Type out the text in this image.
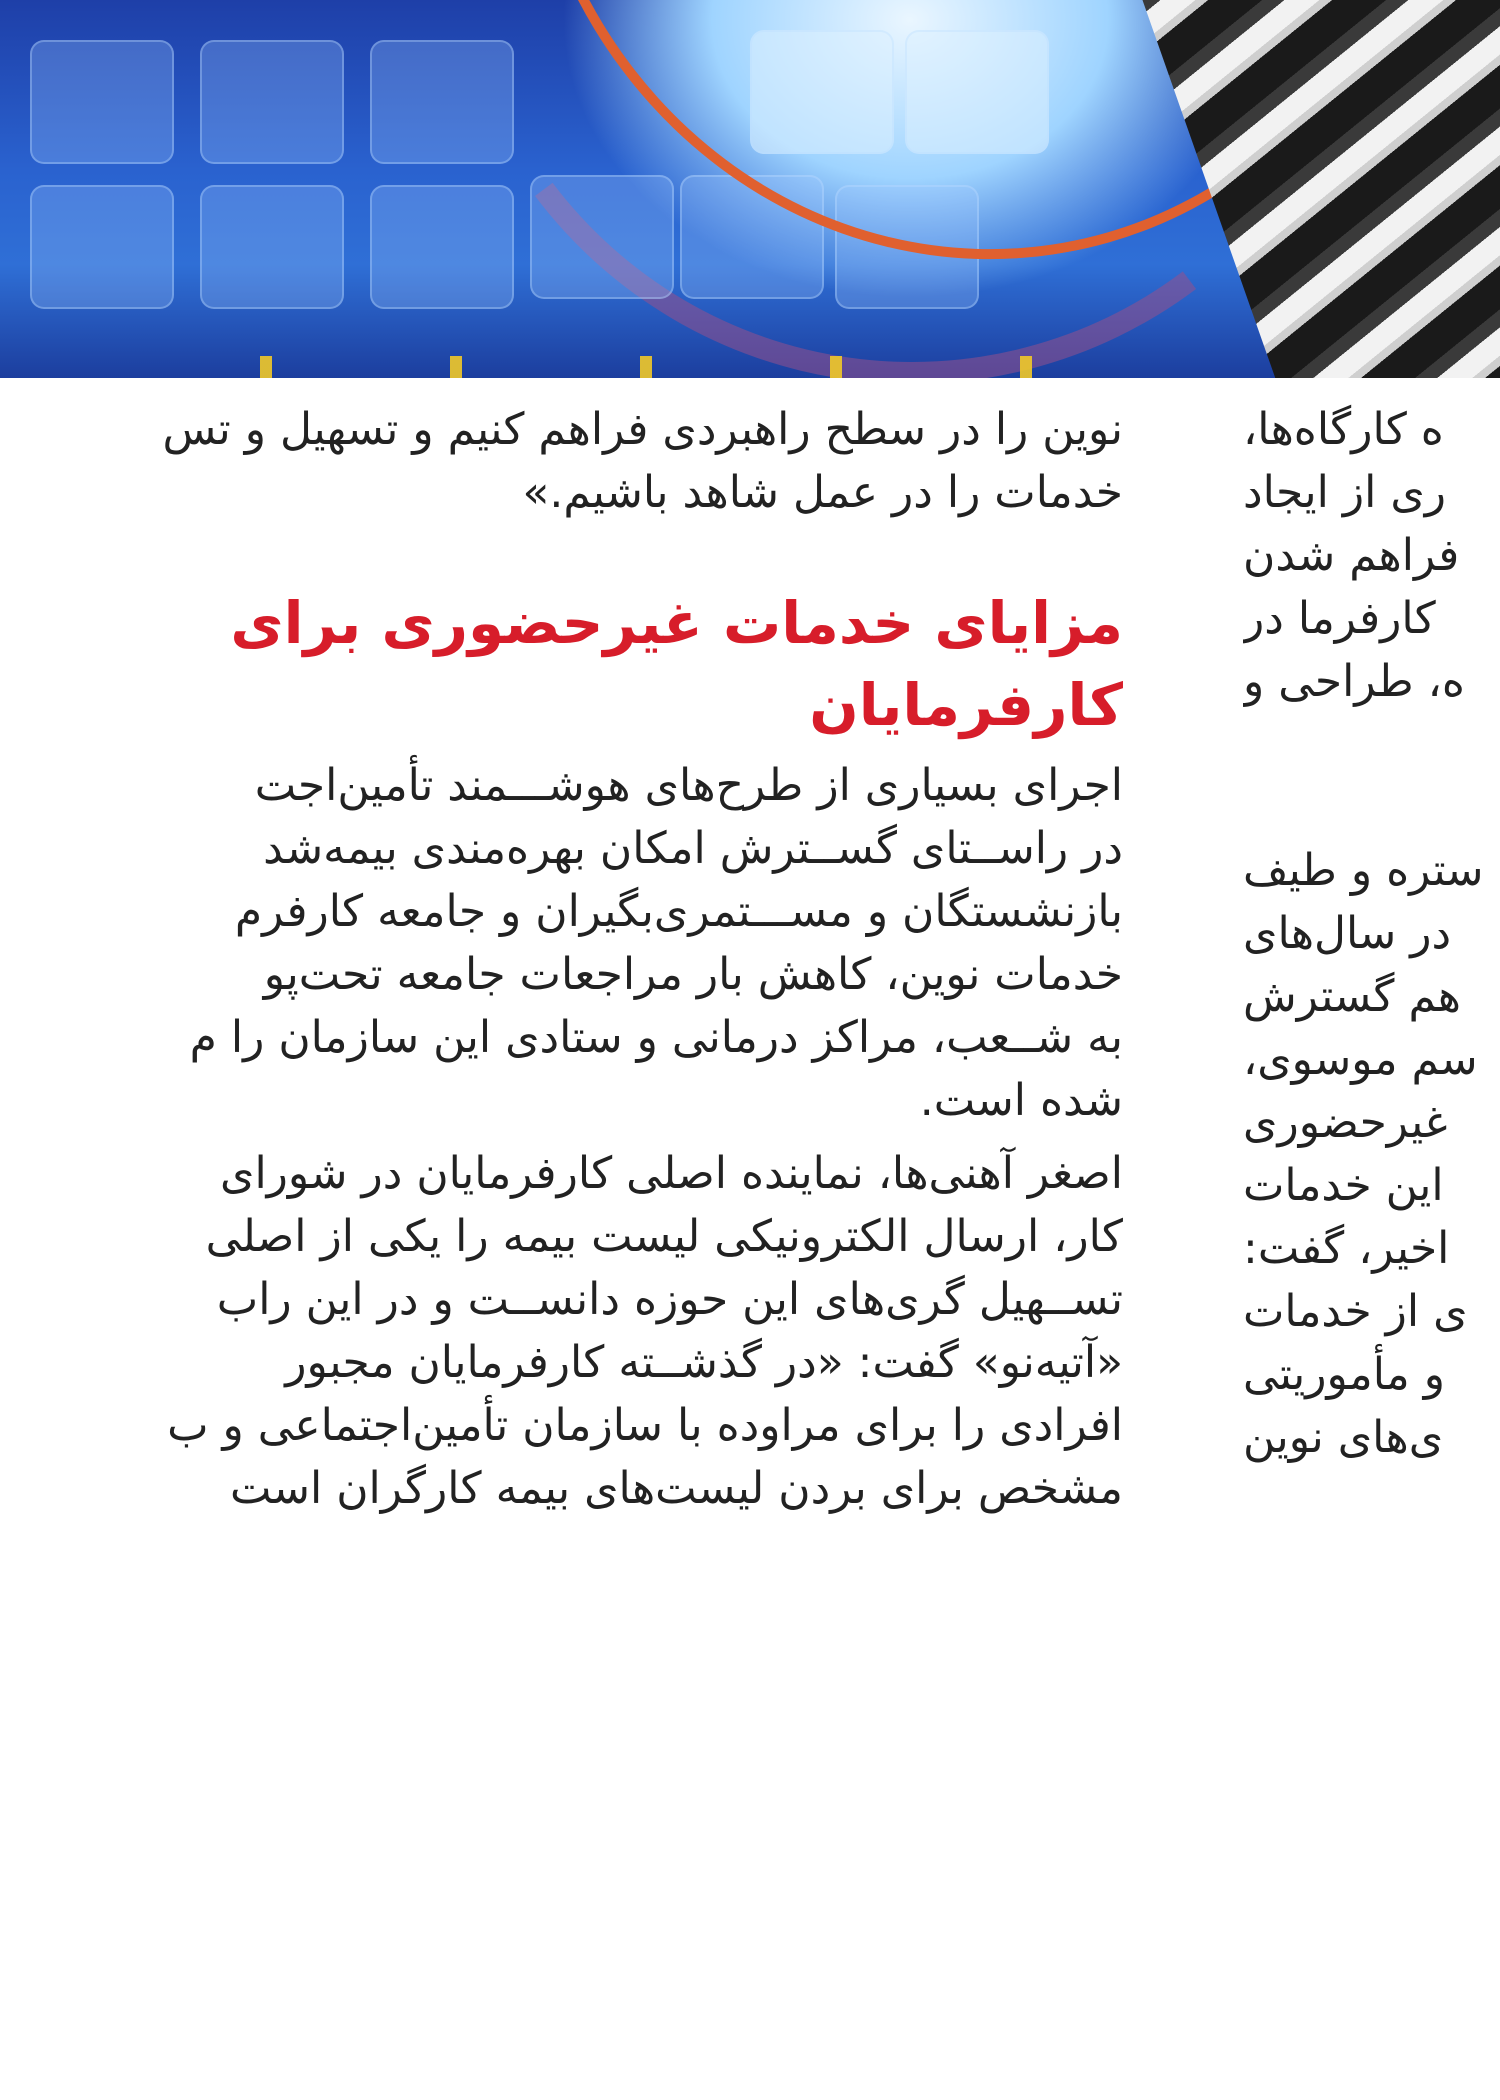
نوین را در سطح راهبردی فراهم کنیم و تسهیل و تس
خدمات را در عمل شاهد باشیم.»
مزایای خدمات غیرحضوری برای
کارفرمایان
اجرای بسیاری از طرح‌های هوشـــمند تأمین‌اجت
در راســتای گســترش امکان بهره‌مندی بیمه‌شد
بازنشستگان و مســـتمری‌بگیران و جامعه کارفرم
خدمات نوین، کاهش بار مراجعات جامعه تحت‌پو
به شــعب، مراکز درمانی و ستادی این سازمان را م
شده است.
اصغر آهنی‌ها، نماینده اصلی کارفرمایان در شورای
کار، ارسال الکترونیکی لیست بیمه را یکی از اصلی
تســهیل گری‌های این حوزه دانســت و در این راب
«آتیه‌نو» گفت: «در گذشــته کارفرمایان مجبور
افرادی را برای مراوده با سازمان تأمین‌اجتماعی و ب
مشخص برای بردن لیست‌های بیمه کارگران است
ه کارگاه‌ها،
ری از ایجاد
فراهم شدن
کارفرما در
ه، طراحی و
ستره و طیف
در سال‌های
هم گسترش
سم موسوی،
غیرحضوری
این خدمات
اخیر، گفت:
ی از خدمات
و مأموریتی
ی‌های نوین
